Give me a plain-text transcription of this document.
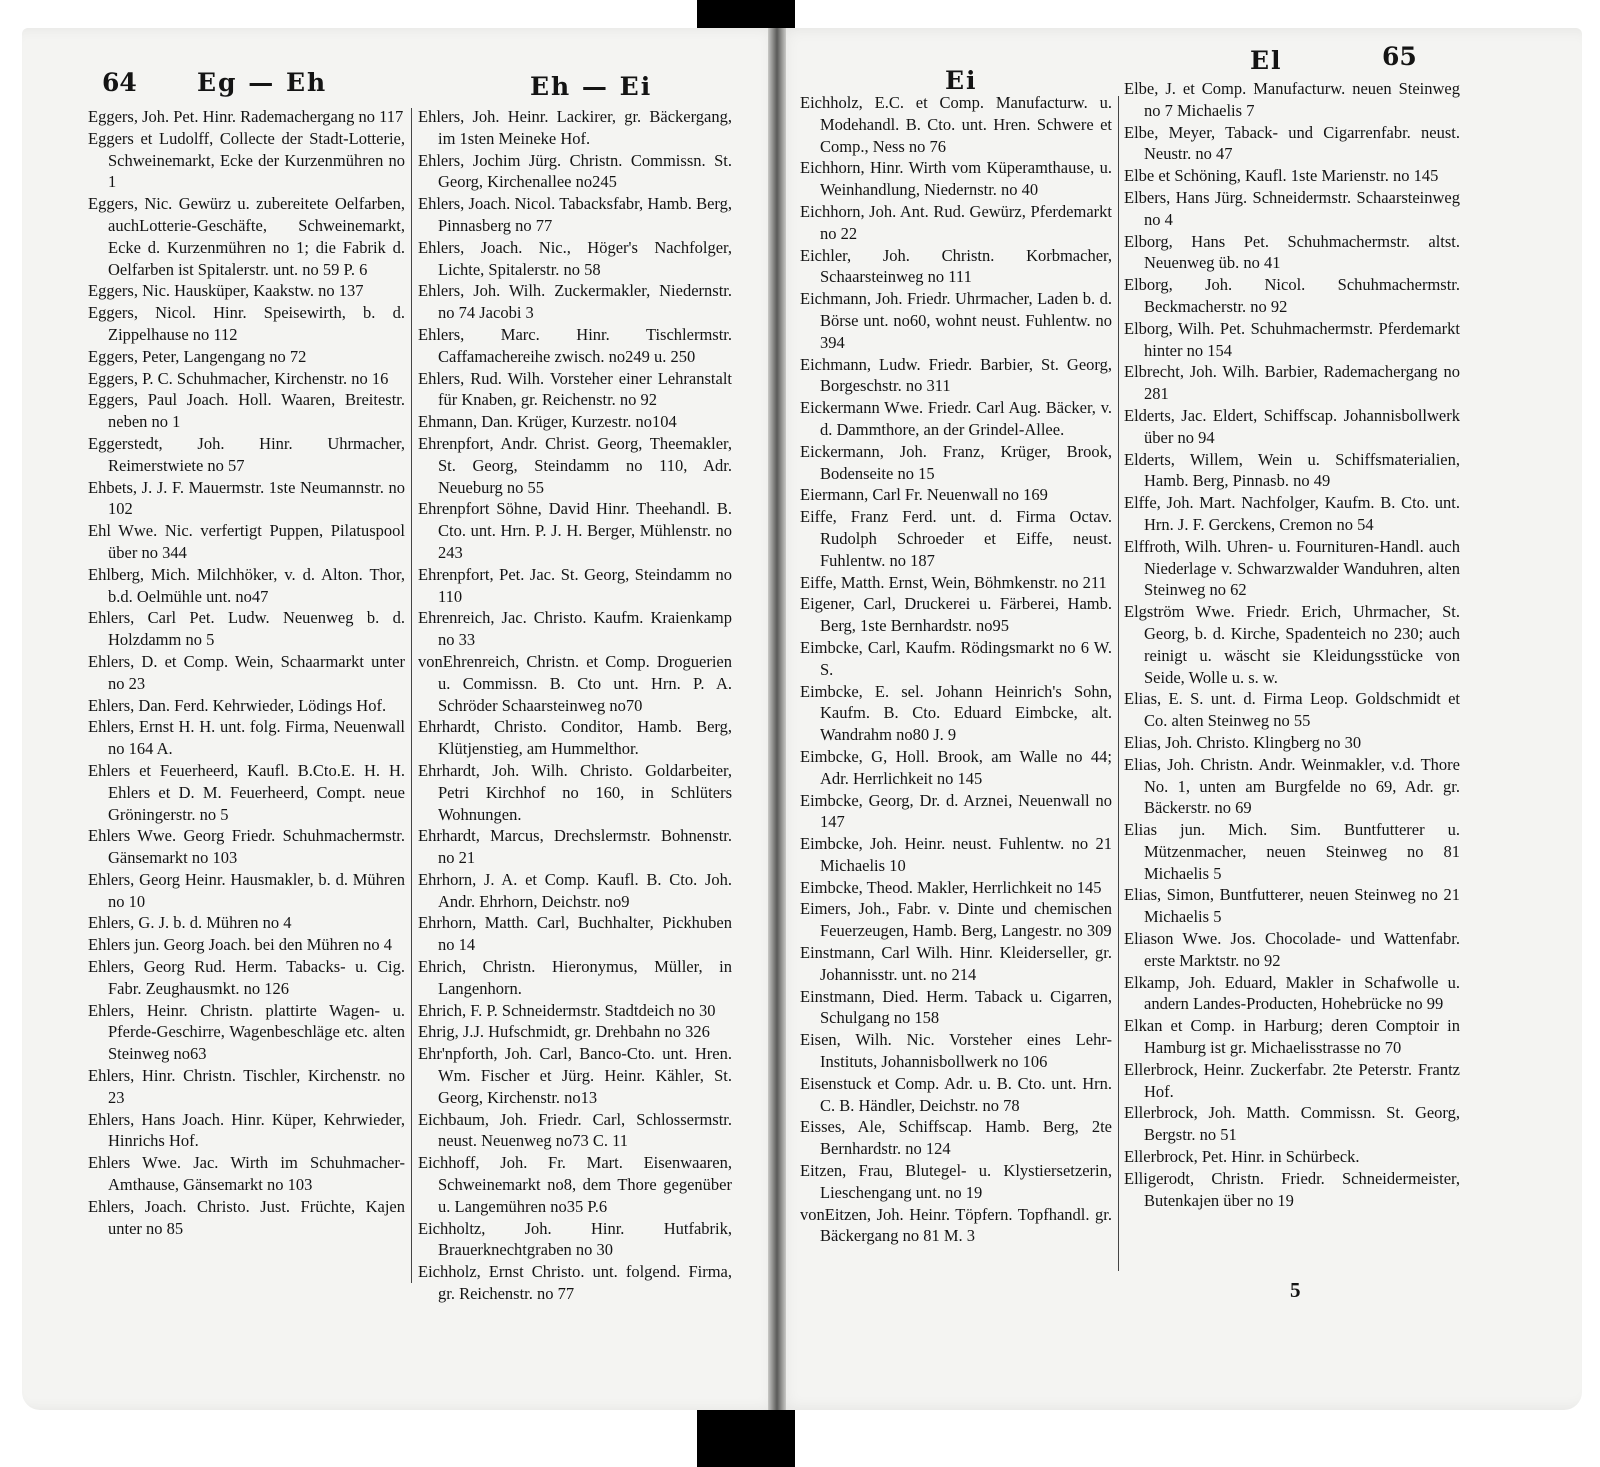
64 Eg — Eh	Eh — Ei

Eggers, Joh. Pet. Hinr. Rademachergang no 117

Eggers et Ludolff, Collecte der Stadt-Lotterie, Schweinemarkt, Ecke der Kurzenmühren no 1

Eggers, Nic. Gewürz u. zubereitete Oelfarben, auchLotterie-Geschäfte, Schweinemarkt, Ecke d. Kurzenmühren no 1; die Fabrik d. Oelfarben ist Spitalerstr. unt. no 59 P. 6

Eggers, Nic. Hausküper, Kaakstw. no 137

Eggers, Nicol. Hinr. Speisewirth, b. d. Zippelhause no 112

Eggers, Peter, Langengang no 72

Eggers, P. C. Schuhmacher, Kirchenstr. no 16

Eggers, Paul Joach. Holl. Waaren, Breitestr. neben no 1

Eggerstedt, Joh. Hinr. Uhrmacher, Reimerstwiete no 57

Ehbets, J. J. F. Mauermstr. 1ste Neumannstr. no 102

Ehl Wwe. Nic. verfertigt Puppen, Pilatuspool über no 344

Ehlberg, Mich. Milchhöker, v. d. Alton. Thor, b.d. Oelmühle unt. no47

Ehlers, Carl Pet. Ludw. Neuenweg b. d. Holzdamm no 5

Ehlers, D. et Comp. Wein, Schaarmarkt unter no 23

Ehlers, Dan. Ferd. Kehrwieder, Lödings Hof.

Ehlers, Ernst H. H. unt. folg. Firma, Neuenwall no 164 A.

Ehlers et Feuerheerd, Kaufl. B.Cto.E. H. H. Ehlers et D. M. Feuerheerd, Compt. neue Gröningerstr. no 5

Ehlers Wwe. Georg Friedr. Schuhmachermstr. Gänsemarkt no 103

Ehlers, Georg Heinr. Hausmakler, b. d. Mühren no 10

Ehlers, G. J. b. d. Mühren no 4

Ehlers jun. Georg Joach. bei den Mühren no 4

Ehlers, Georg Rud. Herm. Tabacks- u. Cig. Fabr. Zeughausmkt. no 126

Ehlers, Heinr. Christn. plattirte Wagen- u. Pferde-Geschirre, Wagenbeschläge etc. alten Steinweg no63

Ehlers, Hinr. Christn. Tischler, Kirchenstr. no 23

Ehlers, Hans Joach. Hinr. Küper, Kehrwieder, Hinrichs Hof.

Ehlers Wwe. Jac. Wirth im Schuhmacher-Amthause, Gänsemarkt no 103

Ehlers, Joach. Christo. Just. Früchte, Kajen unter no 85

Ehlers, Joh. Heinr. Lackirer, gr. Bäckergang, im 1sten Meineke Hof.

Ehlers, Jochim Jürg. Christn. Commissn. St. Georg, Kirchenallee no245

Ehlers, Joach. Nicol. Tabacksfabr, Hamb. Berg, Pinnasberg no 77

Ehlers, Joach. Nic., Höger's Nachfolger, Lichte, Spitalerstr. no 58

Ehlers, Joh. Wilh. Zuckermakler, Niedernstr. no 74 Jacobi 3

Ehlers, Marc. Hinr. Tischlermstr. Caffamachereihe zwisch. no249 u. 250

Ehlers, Rud. Wilh. Vorsteher einer Lehranstalt für Knaben, gr. Reichenstr. no 92

Ehmann, Dan. Krüger, Kurzestr. no104

Ehrenpfort, Andr. Christ. Georg, Theemakler, St. Georg, Steindamm no 110, Adr. Neueburg no 55

Ehrenpfort Söhne, David Hinr. Theehandl. B. Cto. unt. Hrn. P. J. H. Berger, Mühlenstr. no 243

Ehrenpfort, Pet. Jac. St. Georg, Steindamm no 110

Ehrenreich, Jac. Christo. Kaufm. Kraienkamp no 33

vonEhrenreich, Christn. et Comp. Droguerien u. Commissn. B. Cto unt. Hrn. P. A. Schröder Schaarsteinweg no70

Ehrhardt, Christo. Conditor, Hamb. Berg, Klütjenstieg, am Hummelthor.

Ehrhardt, Joh. Wilh. Christo. Goldarbeiter, Petri Kirchhof no 160, in Schlüters Wohnungen.

Ehrhardt, Marcus, Drechslermstr. Bohnenstr. no 21

Ehrhorn, J. A. et Comp. Kaufl. B. Cto. Joh. Andr. Ehrhorn, Deichstr. no9

Ehrhorn, Matth. Carl, Buchhalter, Pickhuben no 14

Ehrich, Christn. Hieronymus, Müller, in Langenhorn.

Ehrich, F. P. Schneidermstr. Stadtdeich no 30

Ehrig, J.J. Hufschmidt, gr. Drehbahn no 326

Ehr'npforth, Joh. Carl, Banco-Cto. unt. Hren. Wm. Fischer et Jürg. Heinr. Kähler, St. Georg, Kirchenstr. no13

Eichbaum, Joh. Friedr. Carl, Schlossermstr. neust. Neuenweg no73 C. 11

Eichhoff, Joh. Fr. Mart. Eisenwaaren, Schweinemarkt no8, dem Thore gegenüber u. Langemühren no35 P.6

Eichholtz, Joh. Hinr. Hutfabrik, Brauerknechtgraben no 30

Eichholz, Ernst Christo. unt. folgend. Firma, gr. Reichenstr. no 77

Ei
El	65

Eichholz, E.C. et Comp. Manufacturw. u. Modehandl. B. Cto. unt. Hren. Schwere et Comp., Ness no 76

Eichhorn, Hinr. Wirth vom Küperamthause, u. Weinhandlung, Niedernstr. no 40

Eichhorn, Joh. Ant. Rud. Gewürz, Pferdemarkt no 22

Eichler, Joh. Christn. Korbmacher, Schaarsteinweg no 111

Eichmann, Joh. Friedr. Uhrmacher, Laden b. d. Börse unt. no60, wohnt neust. Fuhlentw. no 394

Eichmann, Ludw. Friedr. Barbier, St. Georg, Borgeschstr. no 311

Eickermann Wwe. Friedr. Carl Aug. Bäcker, v. d. Dammthore, an der Grindel-Allee.

Eickermann, Joh. Franz, Krüger, Brook, Bodenseite no 15

Eiermann, Carl Fr. Neuenwall no 169

Eiffe, Franz Ferd. unt. d. Firma Octav. Rudolph Schroeder et Eiffe, neust. Fuhlentw. no 187

Eiffe, Matth. Ernst, Wein, Böhmkenstr. no 211

Eigener, Carl, Druckerei u. Färberei, Hamb. Berg, 1ste Bernhardstr. no95

Eimbcke, Carl, Kaufm. Rödingsmarkt no 6 W. S.

Eimbcke, E. sel. Johann Heinrich's Sohn, Kaufm. B. Cto. Eduard Eimbcke, alt. Wandrahm no80 J. 9

Eimbcke, G, Holl. Brook, am Walle no 44; Adr. Herrlichkeit no 145

Eimbcke, Georg, Dr. d. Arznei, Neuenwall no 147

Eimbcke, Joh. Heinr. neust. Fuhlentw. no 21 Michaelis 10

Eimbcke, Theod. Makler, Herrlichkeit no 145

Eimers, Joh., Fabr. v. Dinte und chemischen Feuerzeugen, Hamb. Berg, Langestr. no 309

Einstmann, Carl Wilh. Hinr. Kleiderseller, gr. Johannisstr. unt. no 214

Einstmann, Died. Herm. Taback u. Cigarren, Schulgang no 158

Eisen, Wilh. Nic. Vorsteher eines Lehr-Instituts, Johannisbollwerk no 106

Eisenstuck et Comp. Adr. u. B. Cto. unt. Hrn. C. B. Händler, Deichstr. no 78

Eisses, Ale, Schiffscap. Hamb. Berg, 2te Bernhardstr. no 124

Eitzen, Frau, Blutegel- u. Klystiersetzerin, Lieschengang unt. no 19

vonEitzen, Joh. Heinr. Töpfern. Topfhandl. gr. Bäckergang no 81 M. 3

Elbe, J. et Comp. Manufacturw. neuen Steinweg no 7 Michaelis 7

Elbe, Meyer, Taback- und Cigarrenfabr. neust. Neustr. no 47

Elbe et Schöning, Kaufl. 1ste Marienstr. no 145

Elbers, Hans Jürg. Schneidermstr. Schaarsteinweg no 4

Elborg, Hans Pet. Schuhmachermstr. altst. Neuenweg üb. no 41

Elborg, Joh. Nicol. Schuhmachermstr. Beckmacherstr. no 92

Elborg, Wilh. Pet. Schuhmachermstr. Pferdemarkt hinter no 154

Elbrecht, Joh. Wilh. Barbier, Rademachergang no 281

Elderts, Jac. Eldert, Schiffscap. Johannisbollwerk über no 94

Elderts, Willem, Wein u. Schiffsmaterialien, Hamb. Berg, Pinnasb. no 49

Elffe, Joh. Mart. Nachfolger, Kaufm. B. Cto. unt. Hrn. J. F. Gerckens, Cremon no 54

Elffroth, Wilh. Uhren- u. Fournituren-Handl. auch Niederlage v. Schwarzwalder Wanduhren, alten Steinweg no 62

Elgström Wwe. Friedr. Erich, Uhrmacher, St. Georg, b. d. Kirche, Spadenteich no 230; auch reinigt u. wäscht sie Kleidungsstücke von Seide, Wolle u. s. w.

Elias, E. S. unt. d. Firma Leop. Goldschmidt et Co. alten Steinweg no 55

Elias, Joh. Christo. Klingberg no 30

Elias, Joh. Christn. Andr. Weinmakler, v.d. Thore No. 1, unten am Burgfelde no 69, Adr. gr. Bäckerstr. no 69

Elias jun. Mich. Sim. Buntfutterer u. Mützenmacher, neuen Steinweg no 81 Michaelis 5

Elias, Simon, Buntfutterer, neuen Steinweg no 21 Michaelis 5

Eliason Wwe. Jos. Chocolade- und Wattenfabr. erste Marktstr. no 92

Elkamp, Joh. Eduard, Makler in Schafwolle u. andern Landes-Producten, Hohebrücke no 99

Elkan et Comp. in Harburg; deren Comptoir in Hamburg ist gr. Michaelisstrasse no 70

Ellerbrock, Heinr. Zuckerfabr. 2te Peterstr. Frantz Hof.

Ellerbrock, Joh. Matth. Commissn. St. Georg, Bergstr. no 51

Ellerbrock, Pet. Hinr. in Schürbeck.

Elligerodt, Christn. Friedr. Schneidermeister, Butenkajen über no 19

5
